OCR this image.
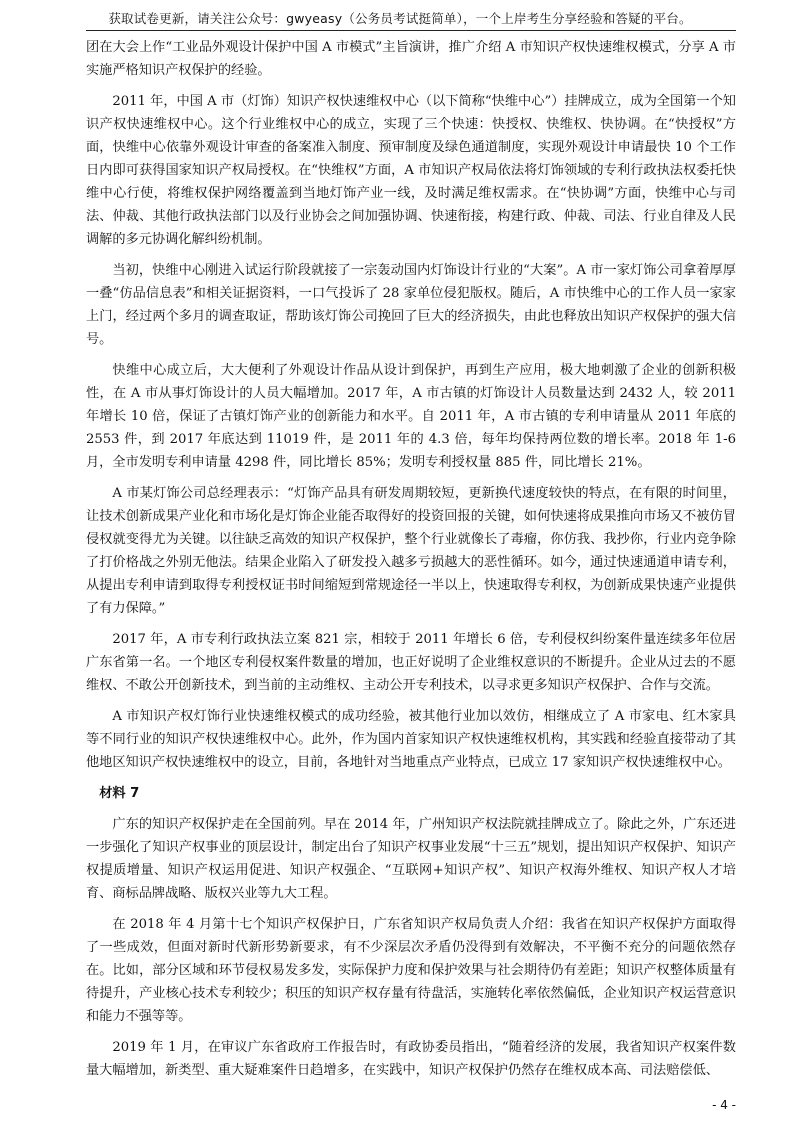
获取试卷更新，请关注公众号：gwyeasy（公务员考试挺简单），一个上岸考生分享经验和答疑的平台。

团在大会上作“工业品外观设计保护中国 A 市模式”主旨演讲，推广介绍 A 市知识产权快速维权模式，分享 A 市实施严格知识产权保护的经验。

2011 年，中国 A 市（灯饰）知识产权快速维权中心（以下简称“快维中心”）挂牌成立，成为全国第一个知识产权快速维权中心。这个行业维权中心的成立，实现了三个快速：快授权、快维权、快协调。在“快授权”方面，快维中心依靠外观设计审查的备案准入制度、预审制度及绿色通道制度，实现外观设计申请最快 10 个工作日内即可获得国家知识产权局授权。在“快维权”方面，A 市知识产权局依法将灯饰领域的专利行政执法权委托快维中心行使，将维权保护网络覆盖到当地灯饰产业一线，及时满足维权需求。在“快协调”方面，快维中心与司法、仲裁、其他行政执法部门以及行业协会之间加强协调、快速衔接，构建行政、仲裁、司法、行业自律及人民调解的多元协调化解纠纷机制。

当初，快维中心刚进入试运行阶段就接了一宗轰动国内灯饰设计行业的“大案”。A 市一家灯饰公司拿着厚厚一叠“仿品信息表”和相关证据资料，一口气投诉了 28 家单位侵犯版权。随后，A 市快维中心的工作人员一家家上门，经过两个多月的调查取证，帮助该灯饰公司挽回了巨大的经济损失，由此也释放出知识产权保护的强大信号。

快维中心成立后，大大便利了外观设计作品从设计到保护，再到生产应用，极大地刺激了企业的创新积极性，在 A 市从事灯饰设计的人员大幅增加。2017 年，A 市古镇的灯饰设计人员数量达到 2432 人，较 2011 年增长 10 倍，保证了古镇灯饰产业的创新能力和水平。自 2011 年，A 市古镇的专利申请量从 2011 年底的 2553 件，到 2017 年底达到 11019 件，是 2011 年的 4.3 倍，每年均保持两位数的增长率。2018 年 1-6 月，全市发明专利申请量 4298 件，同比增长 85%；发明专利授权量 885 件，同比增长 21%。

A 市某灯饰公司总经理表示：“灯饰产品具有研发周期较短，更新换代速度较快的特点，在有限的时间里，让技术创新成果产业化和市场化是灯饰企业能否取得好的投资回报的关键，如何快速将成果推向市场又不被仿冒侵权就变得尤为关键。以往缺乏高效的知识产权保护，整个行业就像长了毒瘤，你仿我、我抄你，行业内竞争除了打价格战之外别无他法。结果企业陷入了研发投入越多亏损越大的恶性循环。如今，通过快速通道申请专利，从提出专利申请到取得专利授权证书时间缩短到常规途径一半以上，快速取得专利权，为创新成果快速产业提供了有力保障。”

2017 年，A 市专利行政执法立案 821 宗，相较于 2011 年增长 6 倍，专利侵权纠纷案件量连续多年位居广东省第一名。一个地区专利侵权案件数量的增加，也正好说明了企业维权意识的不断提升。企业从过去的不愿维权、不敢公开创新技术，到当前的主动维权、主动公开专利技术，以寻求更多知识产权保护、合作与交流。

A 市知识产权灯饰行业快速维权模式的成功经验，被其他行业加以效仿，相继成立了 A 市家电、红木家具等不同行业的知识产权快速维权中心。此外，作为国内首家知识产权快速维权机构，其实践和经验直接带动了其他地区知识产权快速维权中的设立，目前，各地针对当地重点产业特点，已成立 17 家知识产权快速维权中心。

材料 7

广东的知识产权保护走在全国前列。早在 2014 年，广州知识产权法院就挂牌成立了。除此之外，广东还进一步强化了知识产权事业的顶层设计，制定出台了知识产权事业发展“十三五”规划，提出知识产权保护、知识产权提质增量、知识产权运用促进、知识产权强企、“互联网+知识产权”、知识产权海外维权、知识产权人才培育、商标品牌战略、版权兴业等九大工程。

在 2018 年 4 月第十七个知识产权保护日，广东省知识产权局负责人介绍：我省在知识产权保护方面取得了一些成效，但面对新时代新形势新要求，有不少深层次矛盾仍没得到有效解决，不平衡不充分的问题依然存在。比如，部分区域和环节侵权易发多发，实际保护力度和保护效果与社会期待仍有差距；知识产权整体质量有待提升，产业核心技术专利较少；积压的知识产权存量有待盘活，实施转化率依然偏低，企业知识产权运营意识和能力不强等等。

2019 年 1 月，在审议广东省政府工作报告时，有政协委员指出，“随着经济的发展，我省知识产权案件数量大幅增加，新类型、重大疑难案件日趋增多，在实践中，知识产权保护仍然存在维权成本高、司法赔偿低、

- 4 -
